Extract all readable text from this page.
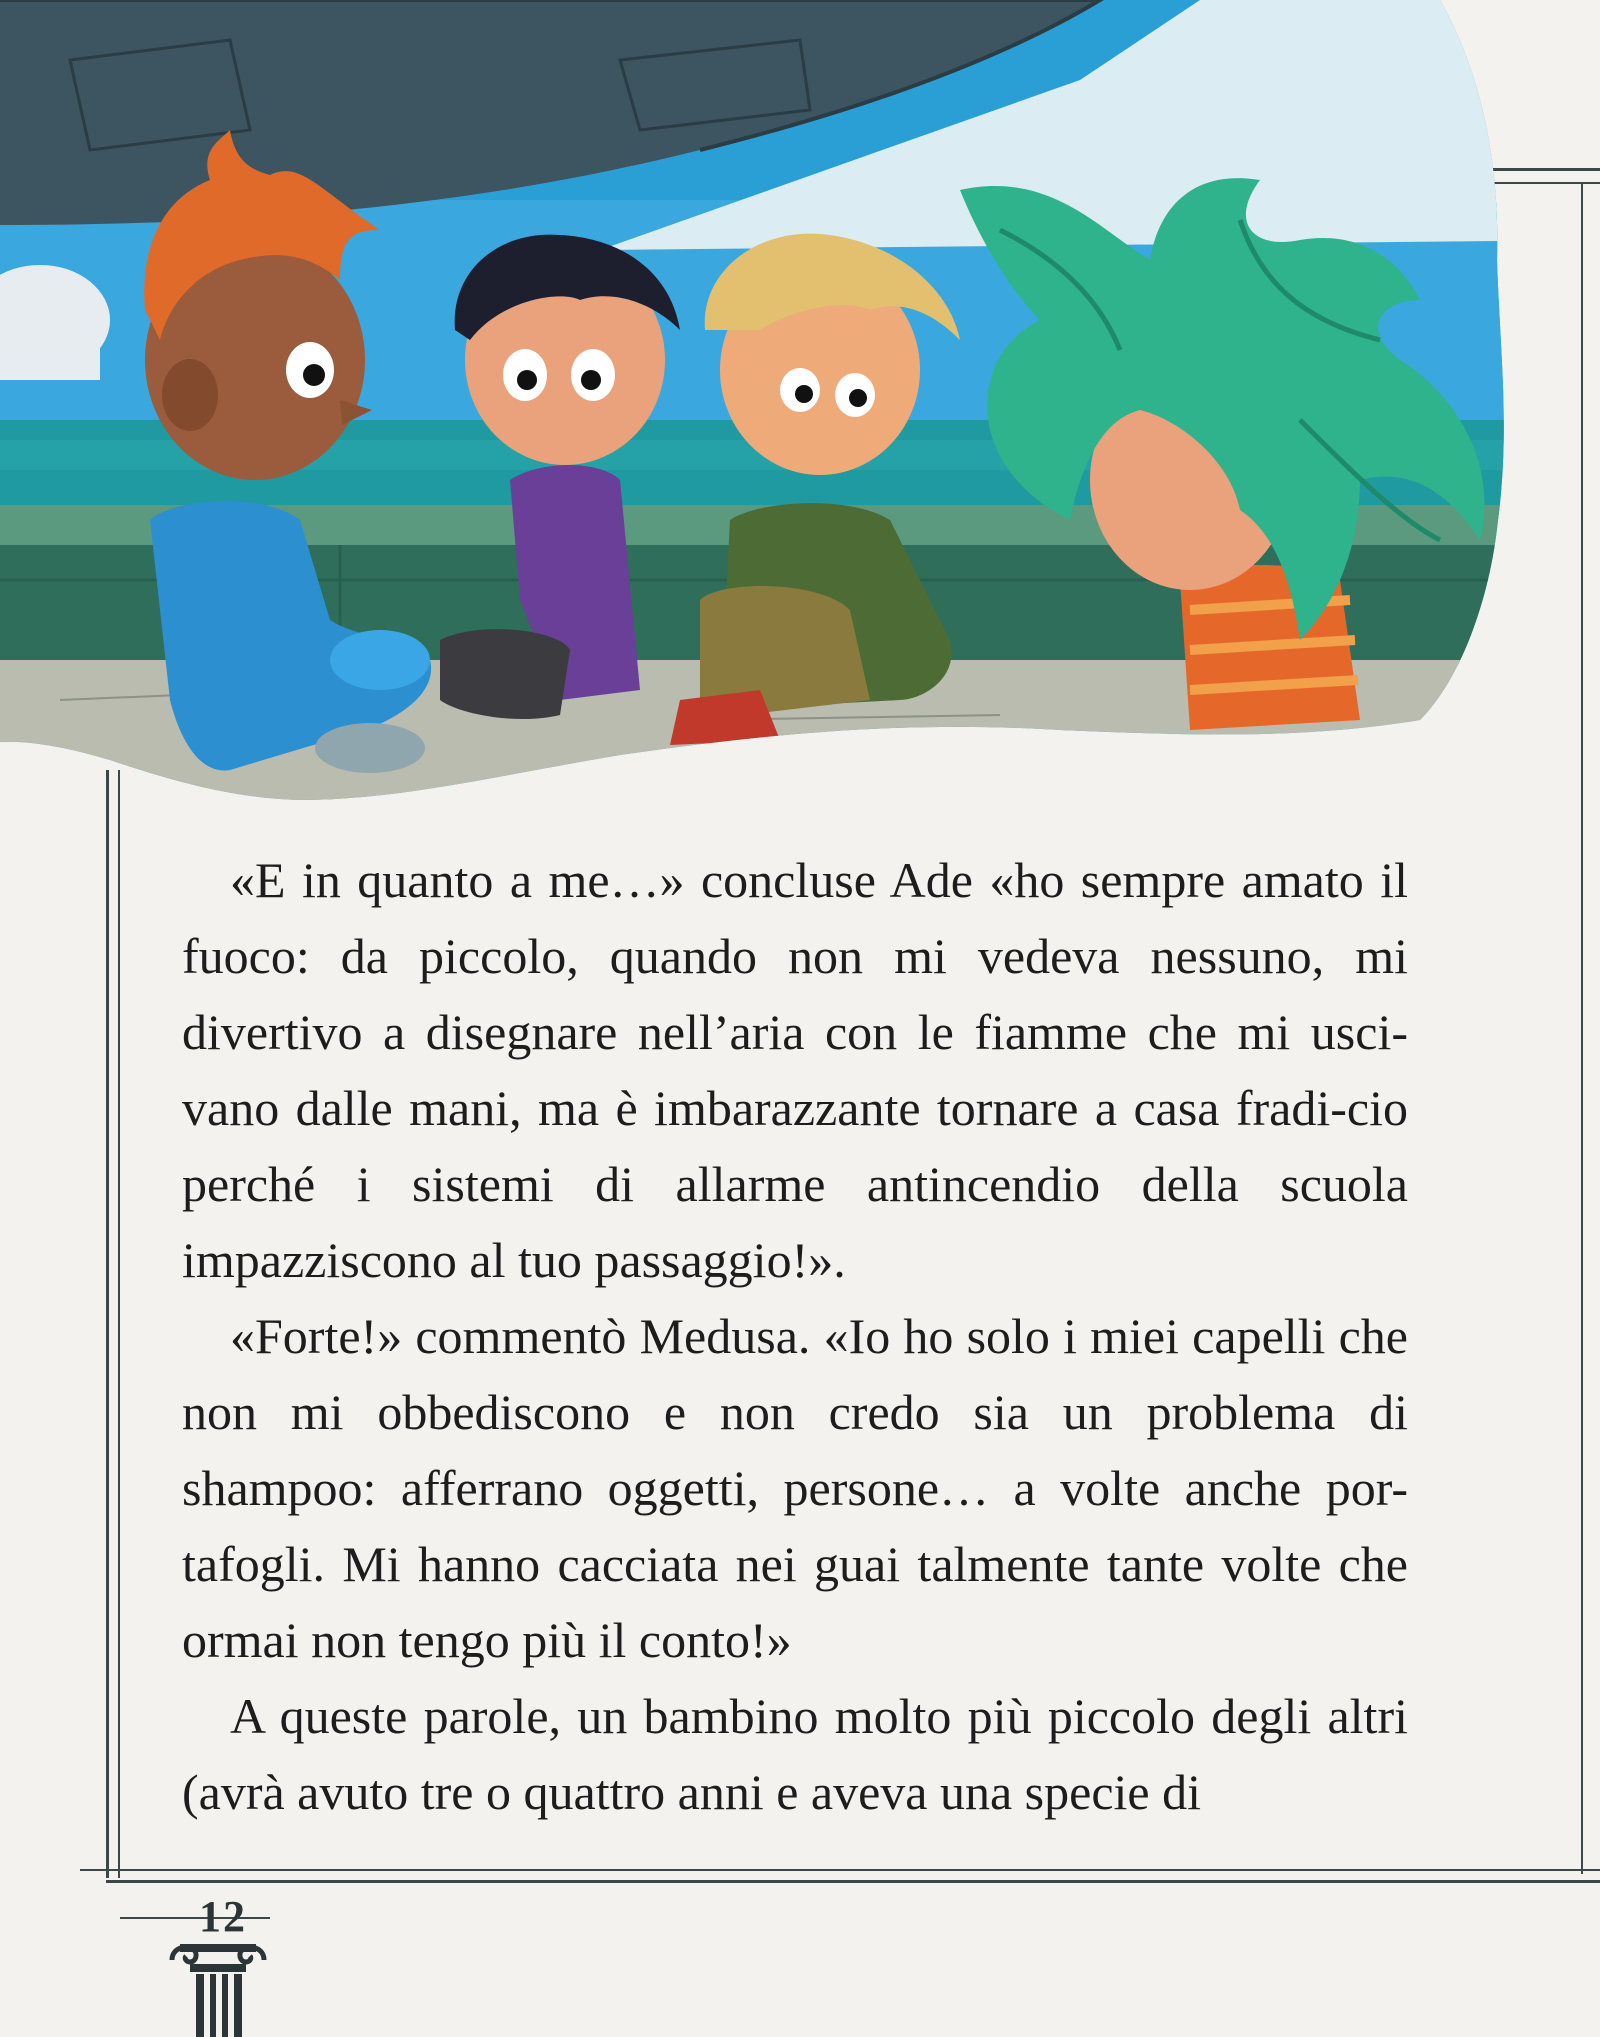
«E in quanto a me…» concluse Ade «ho sempre amato il fuoco: da piccolo, quando non mi vedeva nessuno, mi divertivo a disegnare nell’aria con le fiamme che mi usci-vano dalle mani, ma è imbarazzante tornare a casa fradi-cio perché i sistemi di allarme antincendio della scuola impazziscono al tuo passaggio!».

«Forte!» commentò Medusa. «Io ho solo i miei capelli che non mi obbediscono e non credo sia un problema di shampoo: afferrano oggetti, persone… a volte anche por-tafogli. Mi hanno cacciata nei guai talmente tante volte che ormai non tengo più il conto!»

A queste parole, un bambino molto più piccolo degli altri (avrà avuto tre o quattro anni e aveva una specie di

12
